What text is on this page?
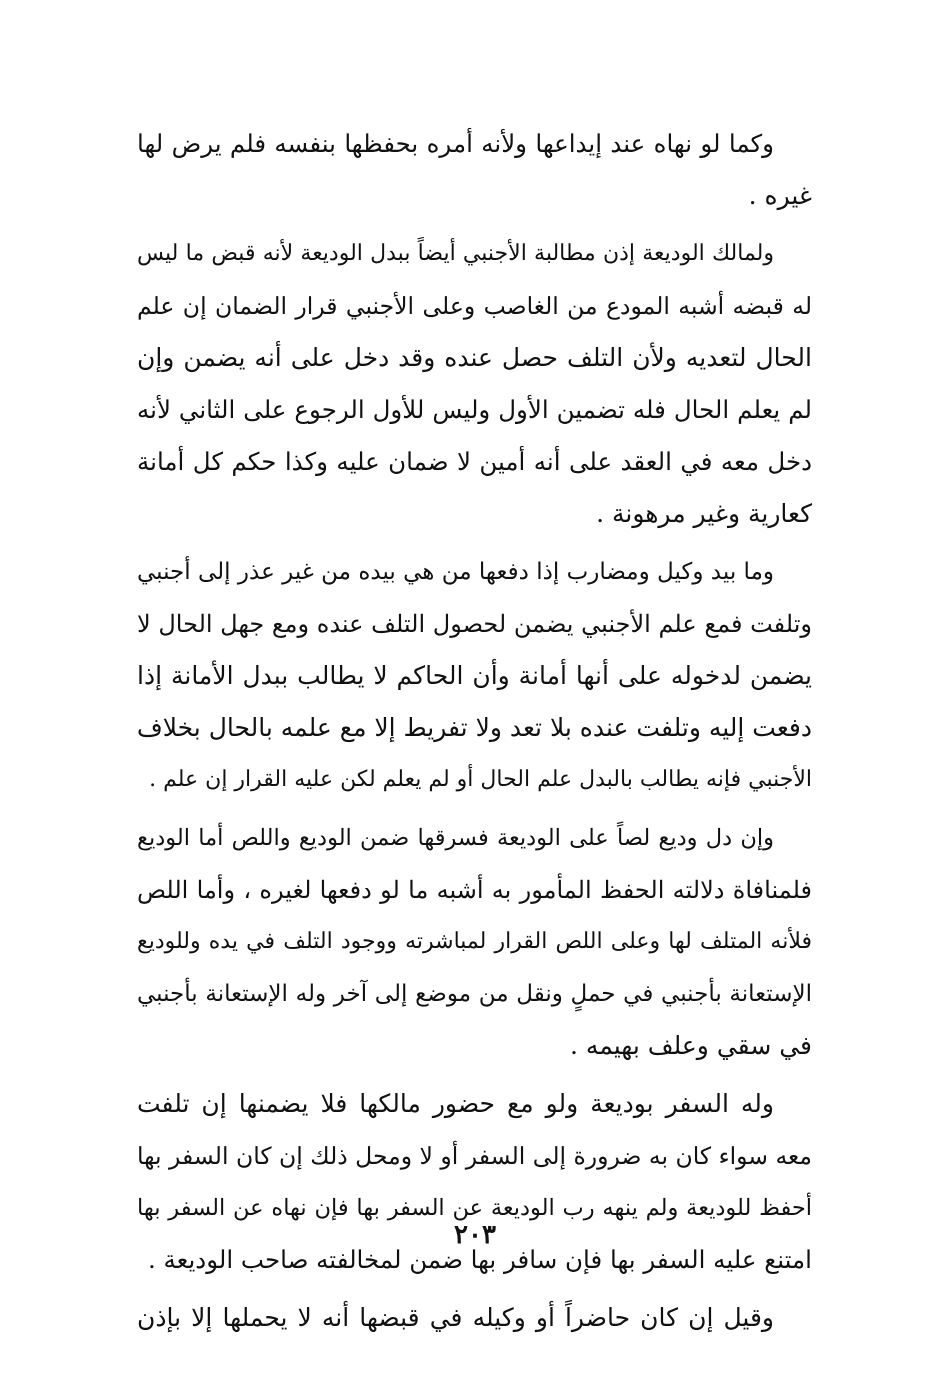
وكما لو نهاه عند إيداعها ولأنه أمره بحفظها بنفسه فلم يرض لها
غيره .
ولمالك الوديعة إذن مطالبة الأجنبي أيضاً ببدل الوديعة لأنه قبض ما ليس
له قبضه أشبه المودع من الغاصب وعلى الأجنبي قرار الضمان إن علم
الحال لتعديه ولأن التلف حصل عنده وقد دخل على أنه يضمن وإن
لم يعلم الحال فله تضمين الأول وليس للأول الرجوع على الثاني لأنه
دخل معه في العقد على أنه أمين لا ضمان عليه وكذا حكم كل أمانة
كعارية وغير مرهونة .
وما بيد وكيل ومضارب إذا دفعها من هي بيده من غير عذر إلى أجنبي
وتلفت فمع علم الأجنبي يضمن لحصول التلف عنده ومع جهل الحال لا
يضمن لدخوله على أنها أمانة وأن الحاكم لا يطالب ببدل الأمانة إذا
دفعت إليه وتلفت عنده بلا تعد ولا تفريط إلا مع علمه بالحال بخلاف
الأجنبي فإنه يطالب بالبدل علم الحال أو لم يعلم لكن عليه القرار إن علم .
وإن دل وديع لصاً على الوديعة فسرقها ضمن الوديع واللص أما الوديع
فلمنافاة دلالته الحفظ المأمور به أشبه ما لو دفعها لغيره ، وأما اللص
فلأنه المتلف لها وعلى اللص القرار لمباشرته ووجود التلف في يده وللوديع
الإستعانة بأجنبي في حملٍ ونقل من موضع إلى آخر وله الإستعانة بأجنبي
في سقي وعلف بهيمه .
وله السفر بوديعة ولو مع حضور مالكها فلا يضمنها إن تلفت
معه سواء كان به ضرورة إلى السفر أو لا ومحل ذلك إن كان السفر بها
أحفظ للوديعة ولم ينهه رب الوديعة عن السفر بها فإن نهاه عن السفر بها
امتنع عليه السفر بها فإن سافر بها ضمن لمخالفته صاحب الوديعة .
وقيل إن كان حاضراً أو وكيله في قبضها أنه لا يحملها إلا بإذن
٢٠٣
